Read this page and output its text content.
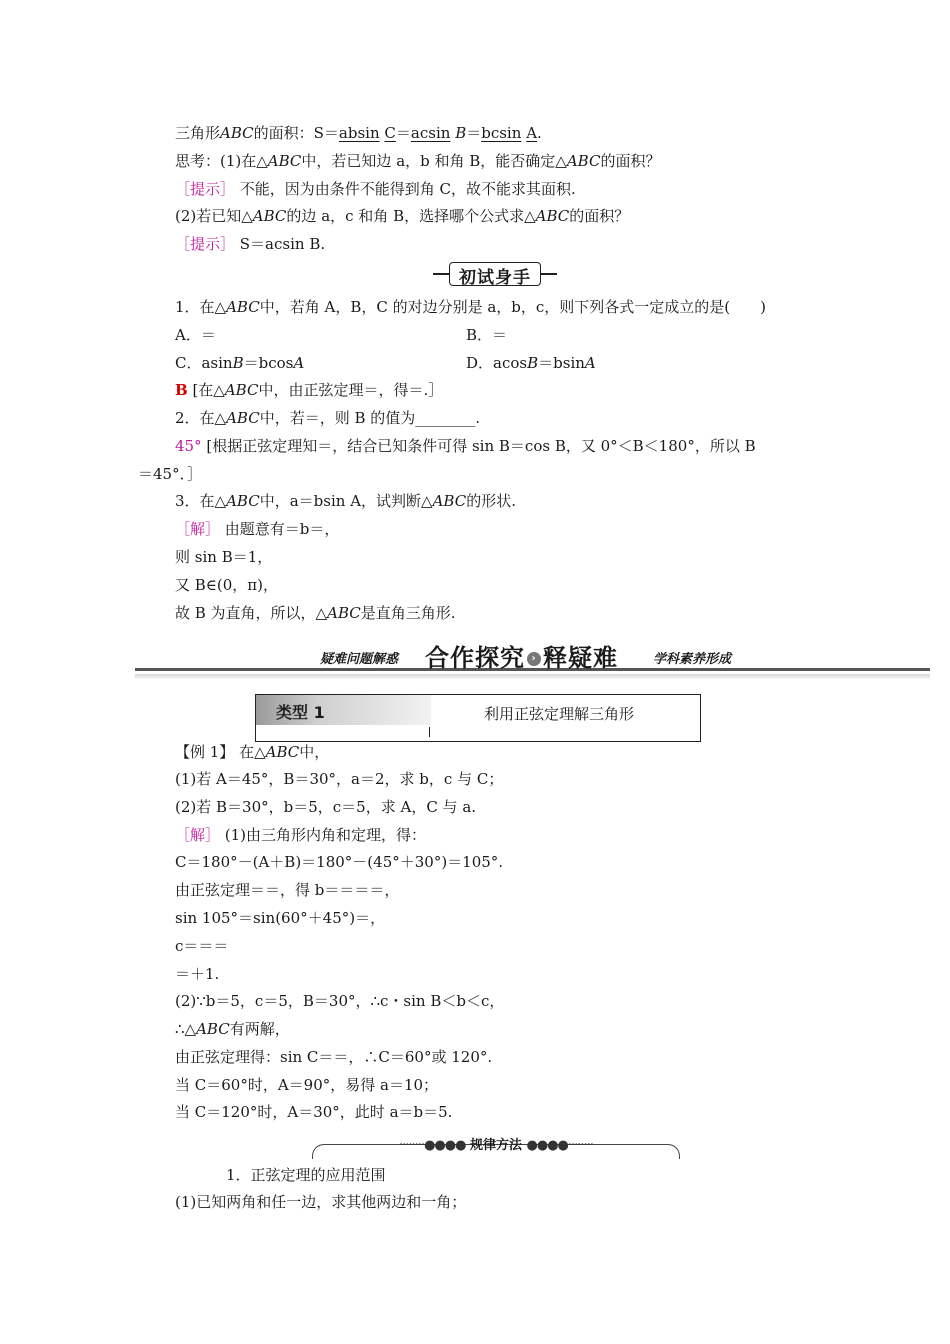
三角形ABC的面积：S＝absin C＝acsin B＝bcsin A.
思考：(1)在△ABC中，若已知边 a，b 和角 B，能否确定△ABC的面积？
［提示］ 不能，因为由条件不能得到角 C，故不能求其面积.
(2)若已知△ABC的边 a，c 和角 B，选择哪个公式求△ABC的面积？
［提示］ S＝acsin B.
1．在△ABC中，若角 A，B，C 的对边分别是 a，b，c，则下列各式一定成立的是(　　)
A．＝	B．＝
C．asinB＝bcosA	D．acosB＝bsinA
B [在△ABC中，由正弦定理＝，得＝.］
2．在△ABC中，若＝，则 B 的值为________.
45° [根据正弦定理知＝，结合已知条件可得 sin B＝cos B，又 0°＜B＜180°，所以 B
＝45°．］
3．在△ABC中，a＝bsin A，试判断△ABC的形状.
［解］ 由题意有＝b＝，
则 sin B＝1，
又 B∈(0，π)，
故 B 为直角，所以，△ABC是直角三角形.
【例 1】 在△ABC中，
(1)若 A＝45°，B＝30°，a＝2，求 b，c 与 C；
(2)若 B＝30°，b＝5，c＝5，求 A，C 与 a.
［解］ (1)由三角形内角和定理，得：
C＝180°－(A＋B)＝180°－(45°＋30°)＝105°.
由正弦定理＝＝，得 b＝＝＝＝，
sin 105°＝sin(60°＋45°)＝，
c＝＝＝
＝＋1.
(2)∵b＝5，c＝5，B＝30°，∴c・sin B＜b＜c，
∴△ABC有两解，
由正弦定理得：sin C＝＝，∴C＝60°或 120°.
当 C＝60°时，A＝90°，易得 a＝10；
当 C＝120°时，A＝30°，此时 a＝b＝5.
1．正弦定理的应用范围
(1)已知两角和任一边，求其他两边和一角；
初试身手
疑难问题解惑 合作探究 › 释疑难	学科素养形成
类型 1	利用正弦定理解三角形
········●●●● 规律方法 ●●●●········
